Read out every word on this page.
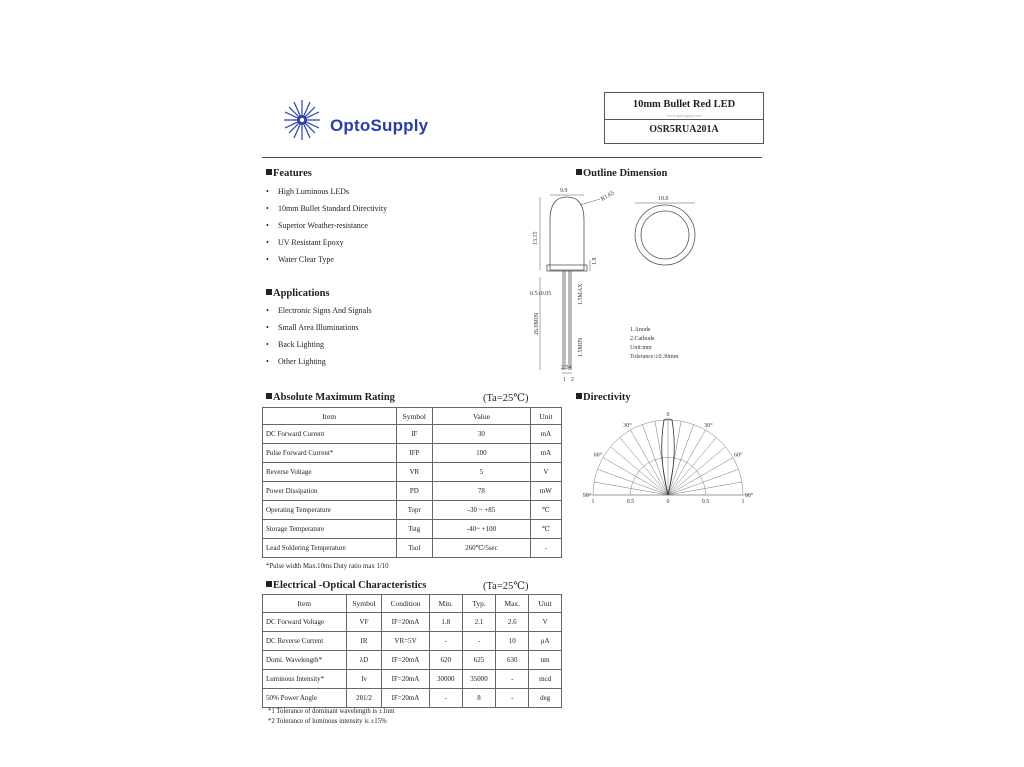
OptoSupply
10mm Bullet Red LED
www.optosupply.com
OSR5RUA201A
Features
• High Luminous LEDs
• 10mm Bullet Standard Directivity
• Superior Weather-resistance
• UV Resistant Epoxy
• Water Clear Type
Applications
• Electronic Signs And Signals
• Small Area Illuminations
• Back Lighting
• Other Lighting
Outline Dimension
9.9	R1.65	10.0
13.15
1.8
0.5±0.05	1.5MAX
26.0MIN
1.5MIN
2.54
1 2
1.Anode
2.Cathode
Unit:mm
Tolerance:±0.30mm
Absolute Maximum Rating	(Ta=25℃)
Item	Symbol	Value	Unit
DC Forward Current	IF	30	mA
Pulse Forward Current*	IFP	100	mA
Reverse Voltage	VR	5	V
Power Dissipation	PD	78	mW
Operating Temperature	Topr	-30 ~ +85	℃
Storage Temperature	Tstg	-40~ +100	℃
Lead Soldering Temperature	Tsol	260℃/5sec	-
*Pulse width Max.10ms Duty ratio max 1/10
Directivity
0
30°	30°
60°	60°
90°	90°
1	0.5	0	0.5	1
Electrical -Optical Characteristics	(Ta=25℃)
Item	Symbol	Condition	Min.	Typ.	Max.	Unit
DC Forward Voltage	VF	IF=20mA	1.8	2.1	2.6	V
DC Reverse Current	IR	VR=5V	-	-	10	μA
Domi. Wavelength*	λD	IF=20mA	620	625	630	nm
Luminous Intensity*	Iv	IF=20mA	30000	35000	-	mcd
50% Power Angle	2θ1/2	IF=20mA	-	8	-	deg
*1 Tolerance of dominant wavelength is ±1nm
*2 Tolerance of luminous intensity is ±15%
